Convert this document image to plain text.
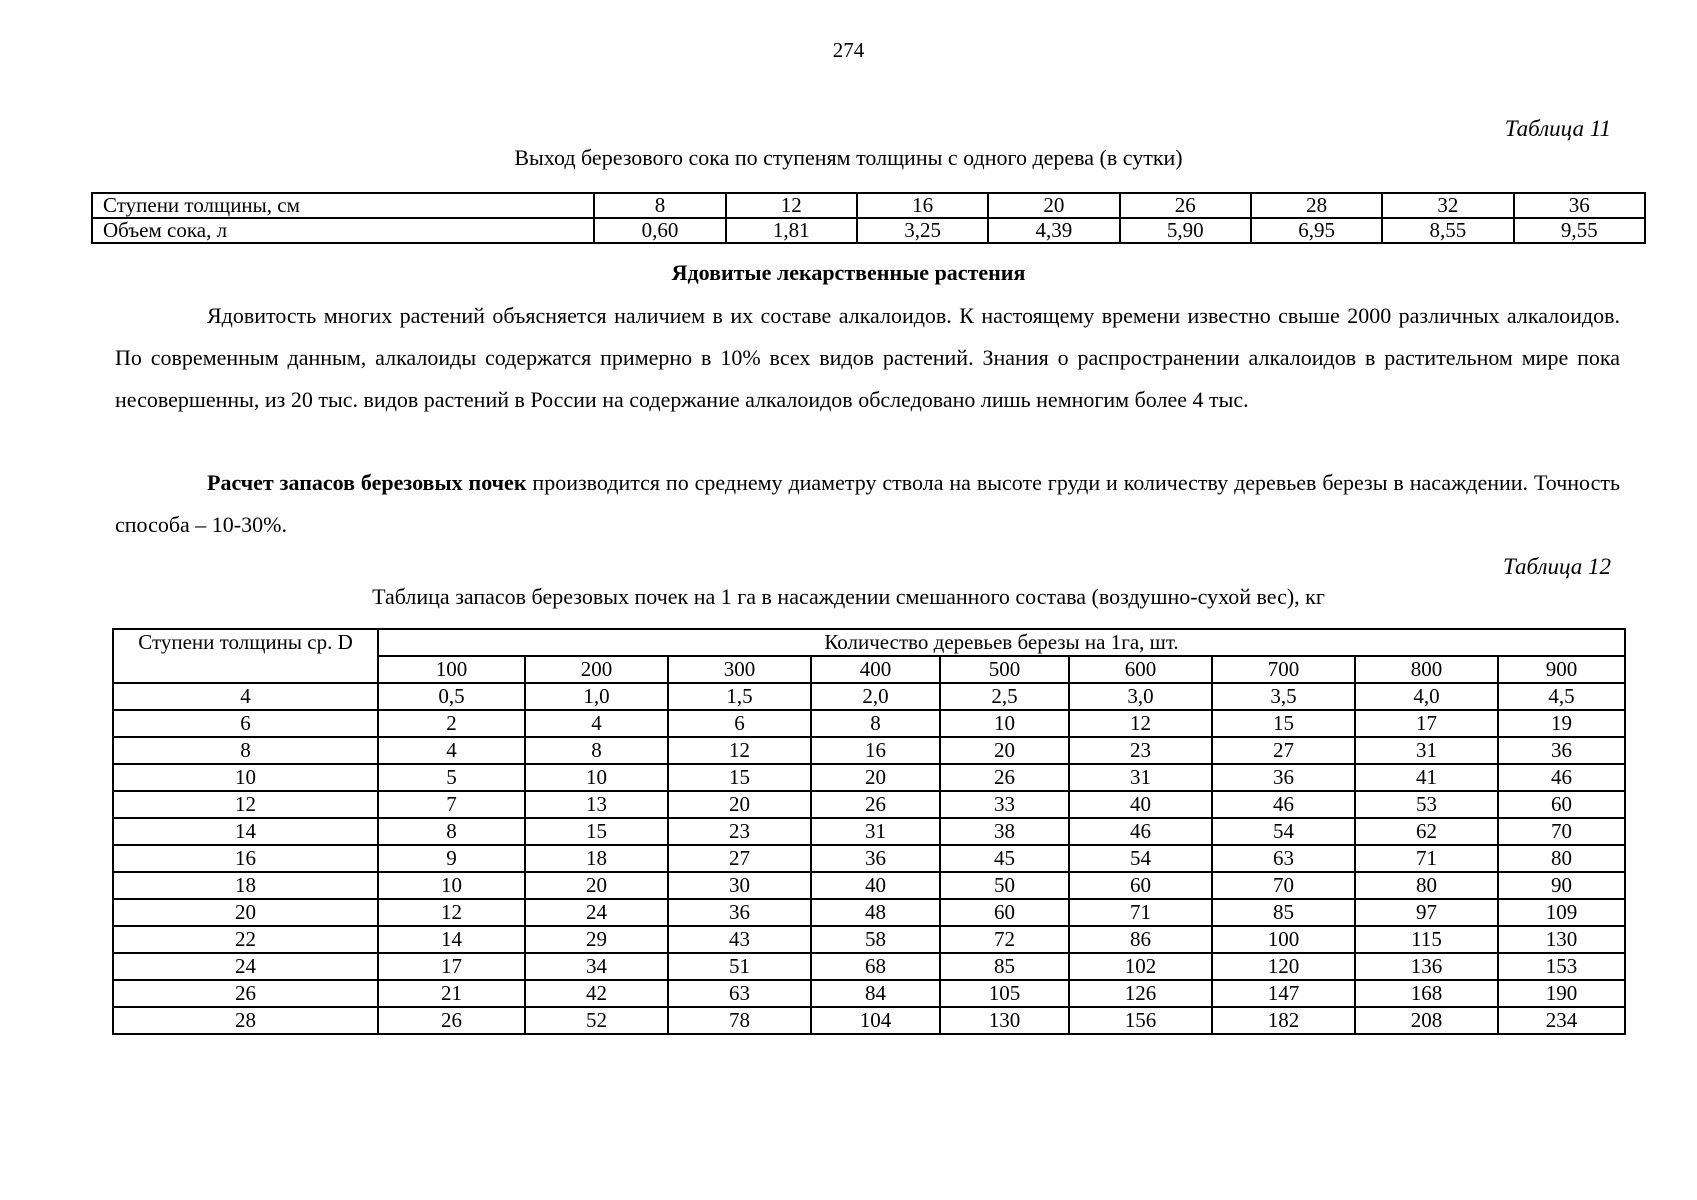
274
Таблица 11
Выход березового сока по ступеням толщины с одного дерева (в сутки)
Ступени толщины, см	8	12	16	20	26	28	32	36
Объем сока, л	0,60	1,81	3,25	4,39	5,90	6,95	8,55	9,55
Ядовитые лекарственные растения

Ядовитость многих растений объясняется наличием в их составе алкалоидов. К настоящему времени известно свыше 2000 различных алкалоидов. По современным данным, алкалоиды содержатся примерно в 10% всех видов растений. Знания о распространении алкалоидов в растительном мире пока несовершенны, из 20 тыс. видов растений в России на содержание алкалоидов обследовано лишь немногим более 4 тыс.

Расчет запасов березовых почек производится по среднему диаметру ствола на высоте груди и количеству деревьев березы в насаждении. Точность способа – 10-30%.

Таблица 12
Таблица запасов березовых почек на 1 га в насаждении смешанного состава (воздушно-сухой вес), кг
Ступени толщины ср. D	Количество деревьев березы на 1га, шт.								
	100	200	300	400	500	600	700	800	900
4	0,5	1,0	1,5	2,0	2,5	3,0	3,5	4,0	4,5
6	2	4	6	8	10	12	15	17	19
8	4	8	12	16	20	23	27	31	36
10	5	10	15	20	26	31	36	41	46
12	7	13	20	26	33	40	46	53	60
14	8	15	23	31	38	46	54	62	70
16	9	18	27	36	45	54	63	71	80
18	10	20	30	40	50	60	70	80	90
20	12	24	36	48	60	71	85	97	109
22	14	29	43	58	72	86	100	115	130
24	17	34	51	68	85	102	120	136	153
26	21	42	63	84	105	126	147	168	190
28	26	52	78	104	130	156	182	208	234
